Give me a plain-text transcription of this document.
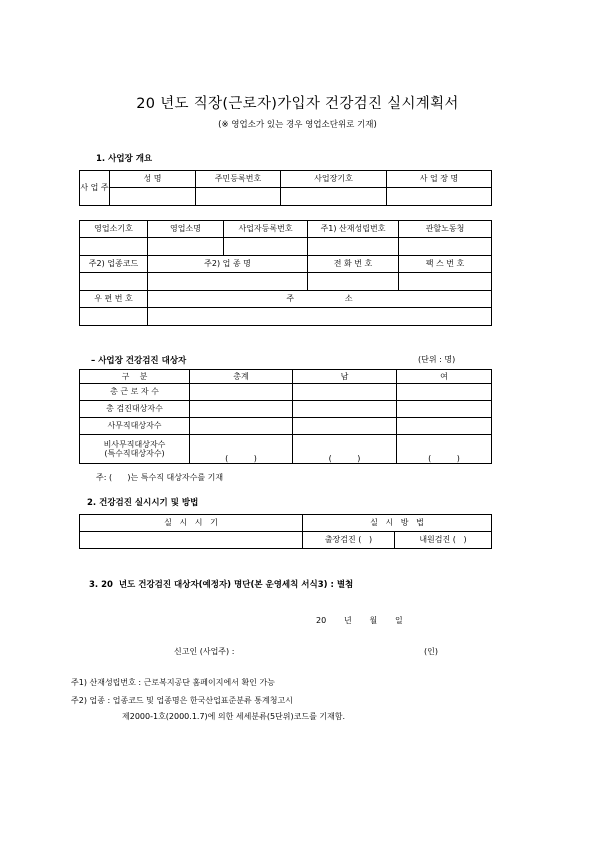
20 년도 직장(근로자)가입자 건강검진 실시계획서
(※ 영업소가 있는 경우 영업소단위로 기재)
1. 사업장 개요
사 업 주	성 명	주민등록번호	사업장기호	사 업 장 명

영업소기호	영업소명	사업자등록번호	주1) 산재성립번호	관할노동청

주2) 업종코드	주2) 업 종 명		전 화 번 호	팩 스 번 호

우 편 번 호	주                    소			

– 사업장 건강검진 대상자	(단위 : 명)
구    분	총계	남	여
총 근 로 자 수			
총 검진대상자수			
사무직대상자수			

비사무직대상자수
(특수직대상자수)	(          )	(          )	(          )
주: (      )는 특수직 대상자수를 기재
2. 건강검진 실시시기 및 방법
실   시   시   기	실   시   방   법	
	출장검진 (   )	내원검진 (   )
3. 20  년도 건강검진 대상자(예정자) 명단(본 운영세칙 서식3) : 별첨
20       년       월       일
신고인 (사업주) :	(인)
주1) 산재성립번호 : 근로복지공단 홈페이지에서 확인 가능
주2) 업종 : 업종코드 및 업종명은 한국산업표준분류 통계청고시
제2000-1호(2000.1.7)에 의한 세세분류(5단위)코드를 기재함.
